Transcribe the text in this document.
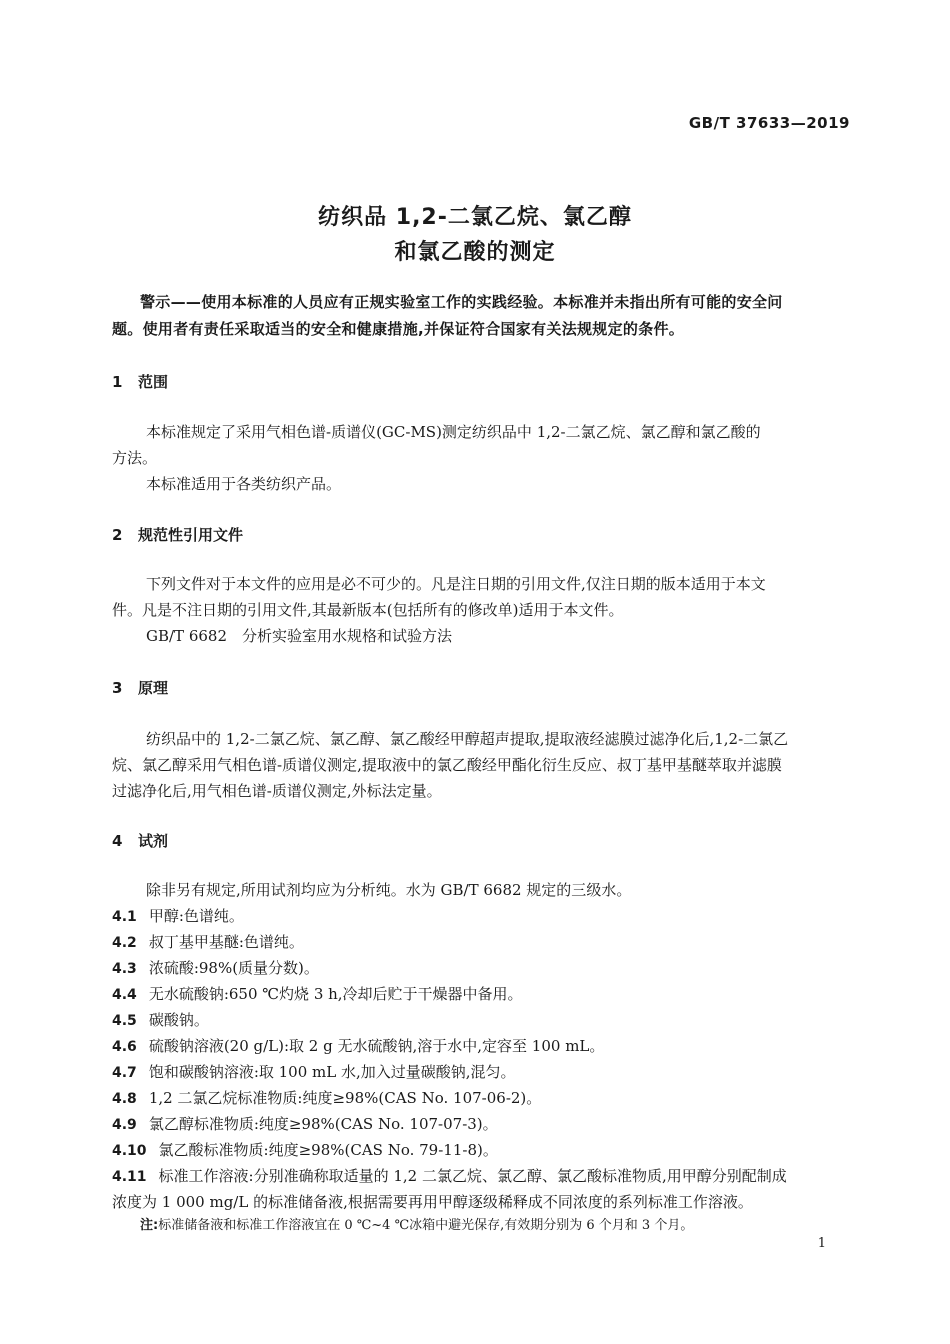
GB/T 37633—2019
纺织品 1,2-二氯乙烷、氯乙醇
和氯乙酸的测定
警示——使用本标准的人员应有正规实验室工作的实践经验。本标准并未指出所有可能的安全问
题。使用者有责任采取适当的安全和健康措施,并保证符合国家有关法规规定的条件。
1 范围
本标准规定了采用气相色谱-质谱仪(GC-MS)测定纺织品中 1,2-二氯乙烷、氯乙醇和氯乙酸的
方法。
本标准适用于各类纺织产品。
2 规范性引用文件
下列文件对于本文件的应用是必不可少的。凡是注日期的引用文件,仅注日期的版本适用于本文
件。凡是不注日期的引用文件,其最新版本(包括所有的修改单)适用于本文件。
GB/T 6682　分析实验室用水规格和试验方法
3 原理
纺织品中的 1,2-二氯乙烷、氯乙醇、氯乙酸经甲醇超声提取,提取液经滤膜过滤净化后,1,2-二氯乙
烷、氯乙醇采用气相色谱-质谱仪测定,提取液中的氯乙酸经甲酯化衍生反应、叔丁基甲基醚萃取并滤膜
过滤净化后,用气相色谱-质谱仪测定,外标法定量。
4 试剂
除非另有规定,所用试剂均应为分析纯。水为 GB/T 6682 规定的三级水。
4.1 甲醇:色谱纯。
4.2 叔丁基甲基醚:色谱纯。
4.3 浓硫酸:98%(质量分数)。
4.4 无水硫酸钠:650 ℃灼烧 3 h,冷却后贮于干燥器中备用。
4.5 碳酸钠。
4.6 硫酸钠溶液(20 g/L):取 2 g 无水硫酸钠,溶于水中,定容至 100 mL。
4.7 饱和碳酸钠溶液:取 100 mL 水,加入过量碳酸钠,混匀。
4.8 1,2 二氯乙烷标准物质:纯度≥98%(CAS No. 107-06-2)。
4.9 氯乙醇标准物质:纯度≥98%(CAS No. 107-07-3)。
4.10 氯乙酸标准物质:纯度≥98%(CAS No. 79-11-8)。
4.11 标准工作溶液:分别准确称取适量的 1,2 二氯乙烷、氯乙醇、氯乙酸标准物质,用甲醇分别配制成
浓度为 1 000 mg/L 的标准储备液,根据需要再用甲醇逐级稀释成不同浓度的系列标准工作溶液。
注:标准储备液和标准工作溶液宜在 0 ℃~4 ℃冰箱中避光保存,有效期分别为 6 个月和 3 个月。
1
